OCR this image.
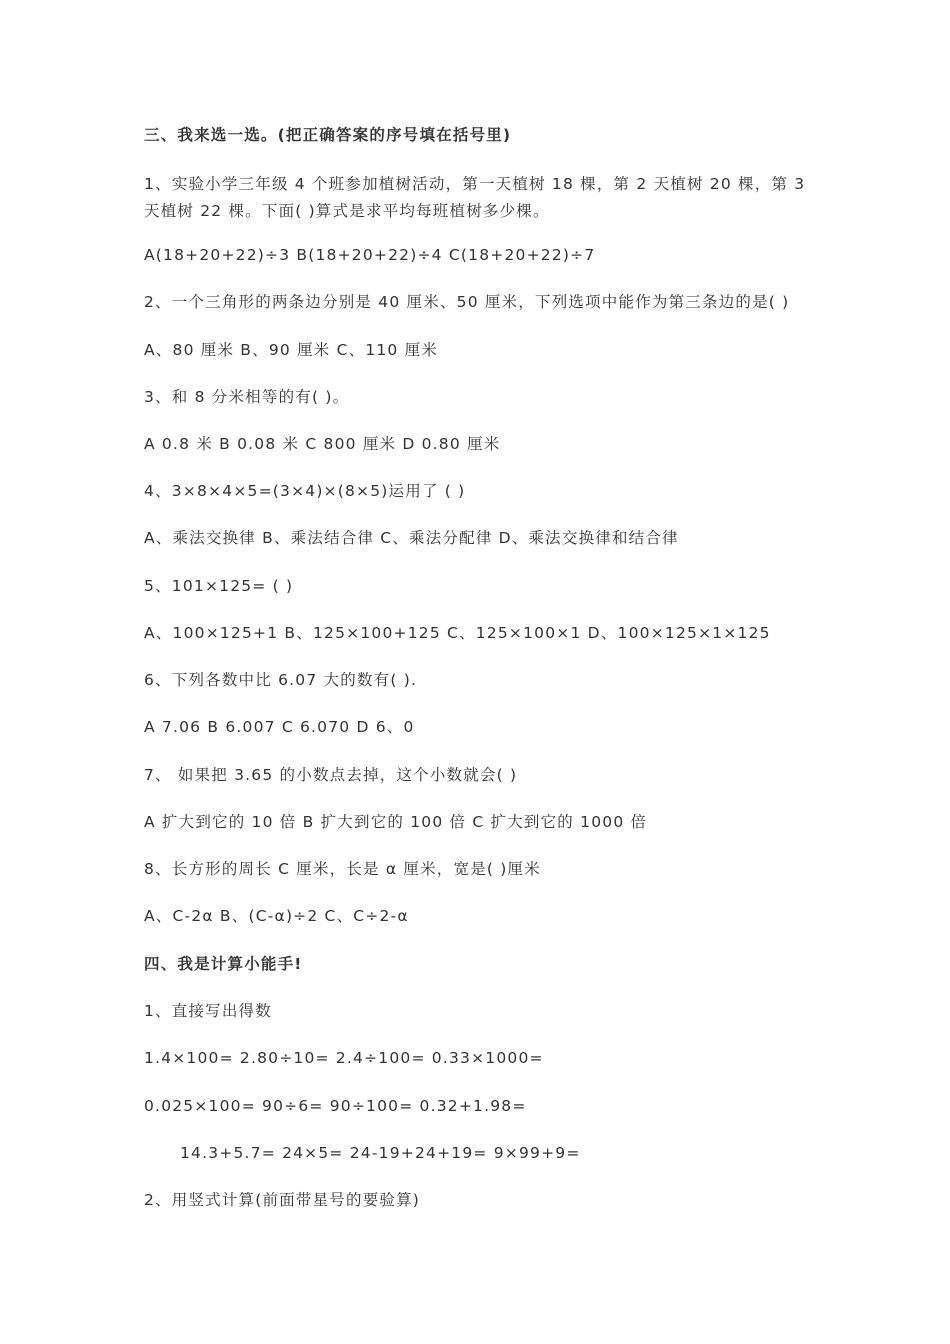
三、我来选一选。(把正确答案的序号填在括号里)
1、实验小学三年级 4 个班参加植树活动，第一天植树 18 棵，第 2 天植树 20 棵，第 3 天植树 22 棵。下面( )算式是求平均每班植树多少棵。
A(18+20+22)÷3 B(18+20+22)÷4 C(18+20+22)÷7
2、一个三角形的两条边分别是 40 厘米、50 厘米，下列选项中能作为第三条边的是( )
A、80 厘米 B、90 厘米 C、110 厘米
3、和 8 分米相等的有( )。
A 0.8 米 B 0.08 米 C 800 厘米 D 0.80 厘米
4、3×8×4×5=(3×4)×(8×5)运用了 ( )
A、乘法交换律 B、乘法结合律 C、乘法分配律 D、乘法交换律和结合律
5、101×125= ( )
A、100×125+1 B、125×100+125 C、125×100×1 D、100×125×1×125
6、下列各数中比 6.07 大的数有( ).
A 7.06 B 6.007 C 6.070 D 6、0
7、 如果把 3.65 的小数点去掉，这个小数就会( )
A 扩大到它的 10 倍 B 扩大到它的 100 倍 C 扩大到它的 1000 倍
8、长方形的周长 C 厘米，长是 α 厘米，宽是( )厘米
A、C-2α B、(C-α)÷2 C、C÷2-α
四、我是计算小能手!
1、直接写出得数
1.4×100= 2.80÷10= 2.4÷100= 0.33×1000=
0.025×100= 90÷6= 90÷100= 0.32+1.98=
14.3+5.7= 24×5= 24-19+24+19= 9×99+9=
2、用竖式计算(前面带星号的要验算)
